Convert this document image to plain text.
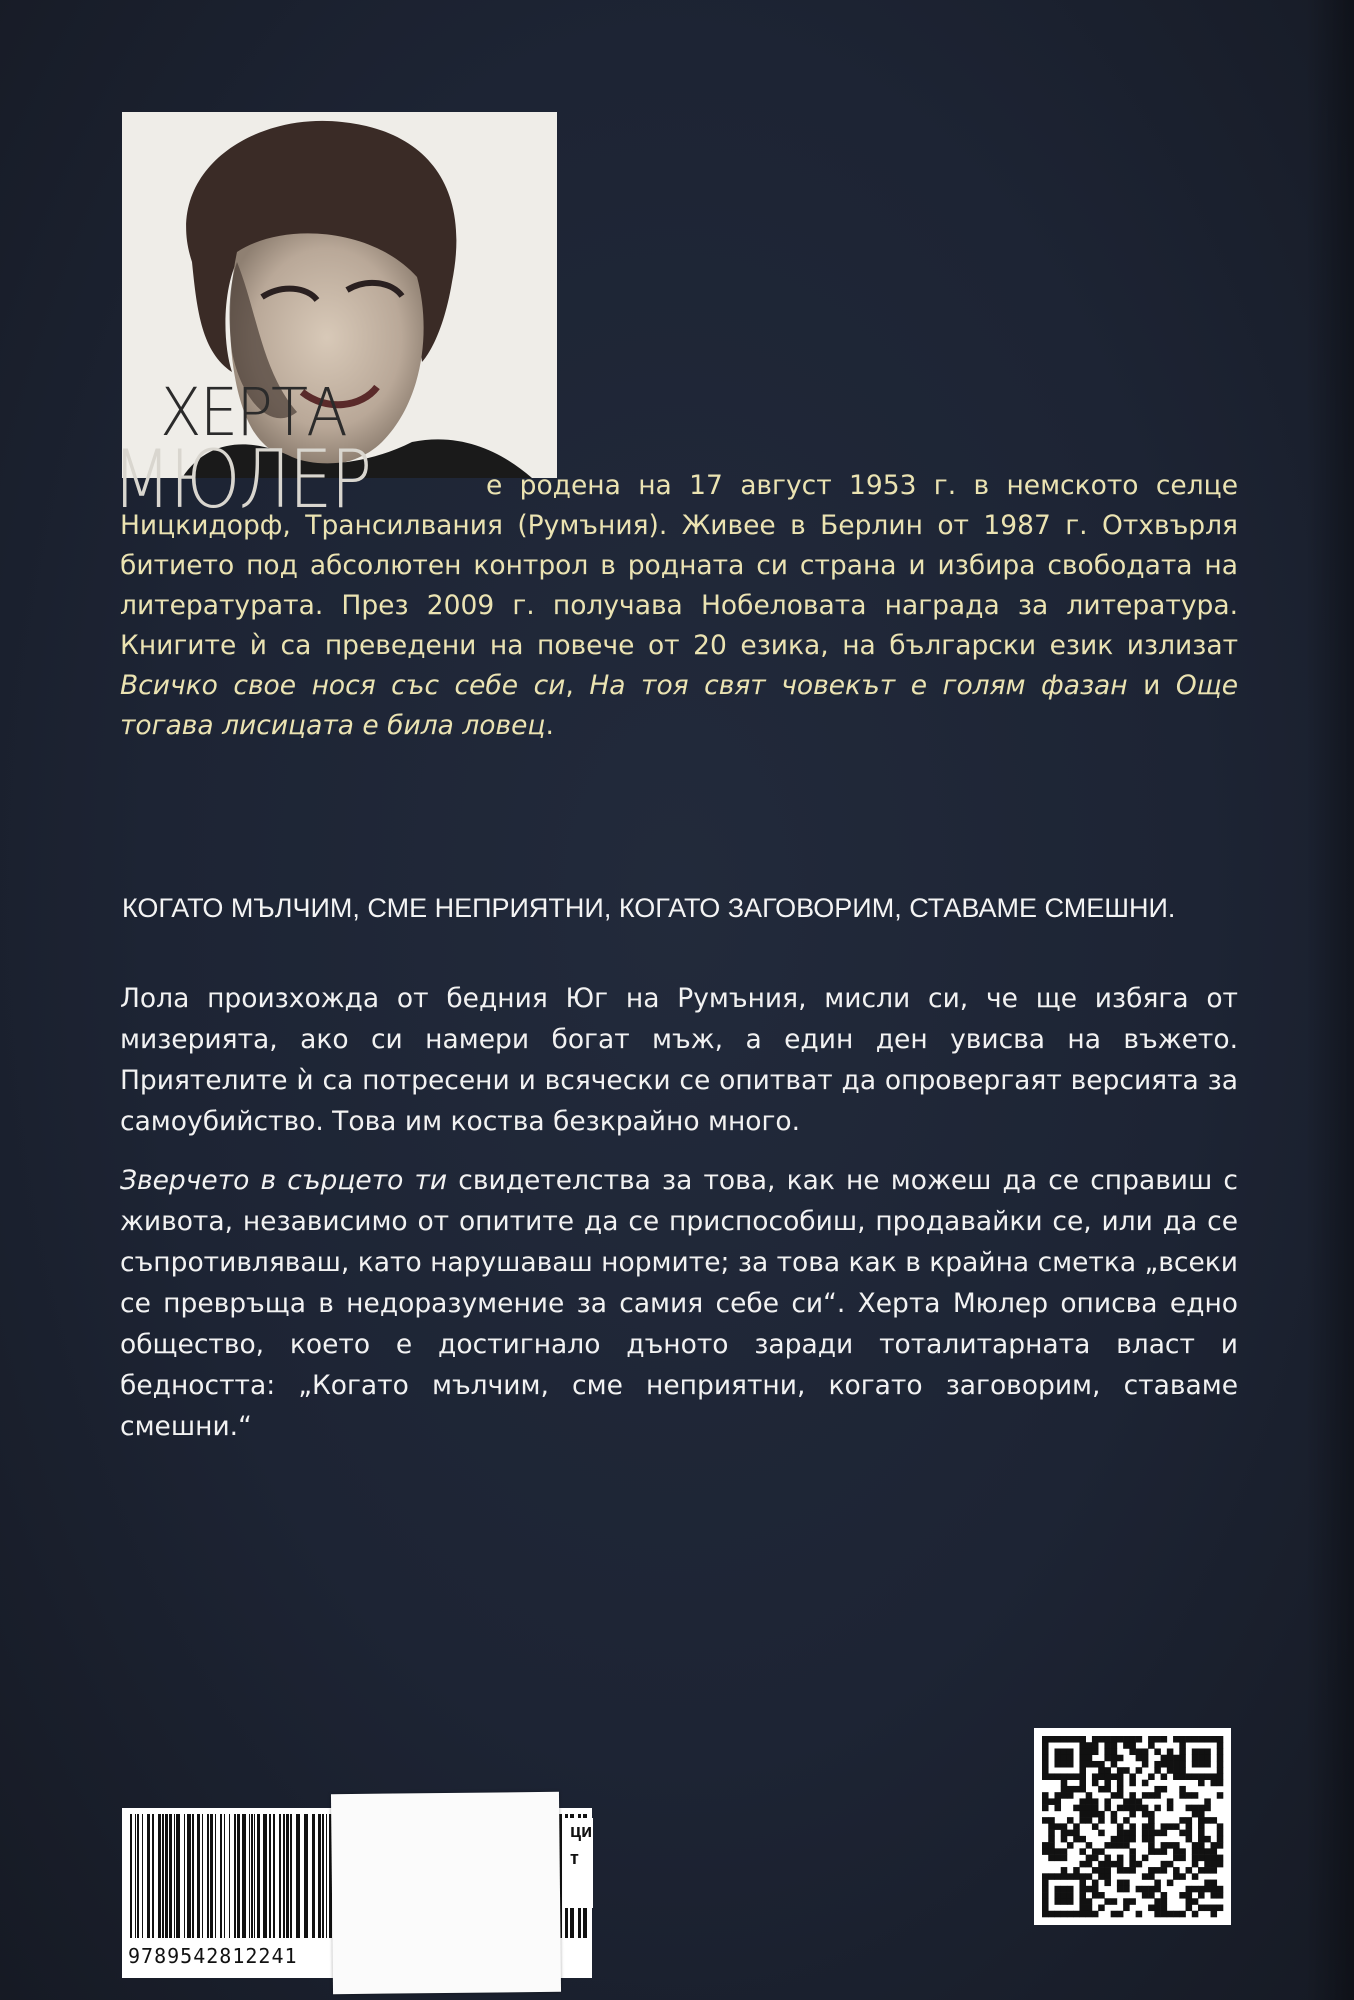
ХЕРТА
МЮЛЕР	е родена на 17 август 1953 г. в немското селце Ницкидорф, Трансилвания (Румъния). Живее в Берлин от 1987 г. Отхвърля битието под абсолютен контрол в родната си страна и избира свободата на литературата. През 2009 г. получава Нобеловата награда за литература. Книгите ѝ са преведени на повече от 20 езика, на български език излизат Всичко свое нося със себе си, На тоя свят човекът е голям фазан и Още тогава лисицата е била ловец.
КОГАТО МЪЛЧИМ, СМЕ НЕПРИЯТНИ, КОГАТО ЗАГОВОРИМ, СТАВАМЕ СМЕШНИ.

Лола произхожда от бедния Юг на Румъния, мисли си, че ще избяга от мизерията, ако си намери богат мъж, а един ден увисва на въжето. Приятелите ѝ са потресени и всячески се опитват да опровергаят версията за самоубийство. Това им коства безкрайно много.

Зверчето в сърцето ти свидетелства за това, как не можеш да се справиш с живота, независимо от опитите да се приспособиш, продавайки се, или да се съпротивляваш, като нарушаваш нормите; за това как в крайна сметка „всеки се превръща в недоразумение за самия себе си“. Херта Мюлер описва едно общество, което е достигнало дъното заради тоталитарната власт и бедността: „Когато мълчим, сме неприятни, когато заговорим, ставаме смешни.“

9789542812241
ци
т
